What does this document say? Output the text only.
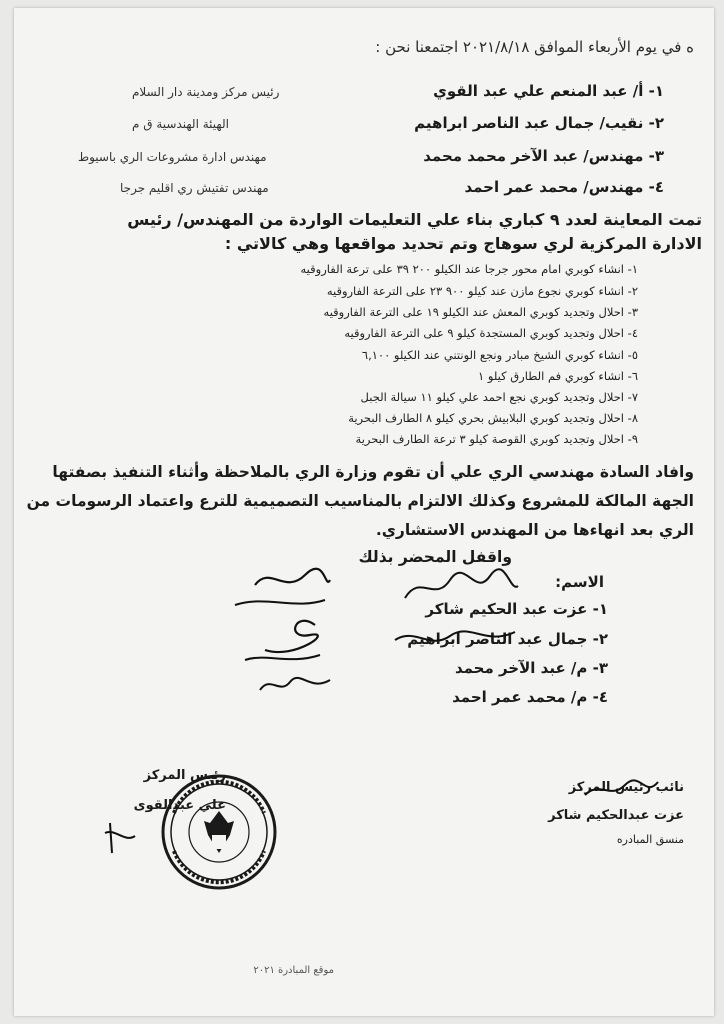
ه في يوم الأربعاء الموافق ٢٠٢١/٨/١٨ اجتمعنا نحن :
١- أ/ عبد المنعم علي عبد القوي
رئيس مركز ومدينة دار السلام
٢- نقيب/ جمال عبد الناصر ابراهيم
الهيئة الهندسية ق م
٣- مهندس/ عبد الآخر محمد محمد
مهندس ادارة مشروعات الري باسيوط
٤- مهندس/ محمد عمر احمد
مهندس تفتيش ري اقليم جرجا
تمت المعاينة لعدد ٩ كباري بناء علي التعليمات الواردة من المهندس/ رئيس
الادارة المركزية لري سوهاج وتم تحديد مواقعها وهي كالاتي :
١- انشاء كوبري امام محور جرجا عند الكيلو ٢٠٠ ٣٩ على ترعة الفاروقيه
٢- انشاء كوبري نجوع مازن عند كيلو ٩٠٠ ٢٣ على الترعة الفاروقيه
٣- احلال وتجديد كوبري المعش عند الكيلو ١٩ على الترعة الفاروقيه
٤- احلال وتجديد كوبري المستجدة كيلو ٩ على الترعة الفاروقيه
٥- انشاء كوبري الشيخ مبادر ونجع الونتني عند الكيلو ٦,١٠٠
٦- انشاء كوبري فم الطارق كيلو ١
٧- احلال وتجديد كوبري نجع احمد علي كيلو ١١ سيالة الجبل
٨- احلال وتجديد كوبري البلابيش بحري كيلو ٨ الطارف البحرية
٩- احلال وتجديد كوبري القوصة كيلو ٣ ترعة الطارف البحرية
وافاد السادة مهندسي الري علي أن تقوم وزارة الري بالملاحظة وأثناء التنفيذ بصفتها
الجهة المالكة للمشروع وكذلك الالتزام بالمناسيب التصميمية للترع واعتماد الرسومات من
الري بعد انهاءها من المهندس الاستشاري.
واقفل المحضر بذلك
الاسم:
١- عزت عبد الحكيم شاكر
٢- جمال عبد الناصر ابراهيم
٣- م/ عبد الآخر محمد
٤- م/ محمد عمر احمد
رئيس المركز
علي عبدالقوى
نائب رئيس المركز
عزت عبدالحكيم شاكر
منسق المبادره
موقع المبادرة ٢٠٢١
